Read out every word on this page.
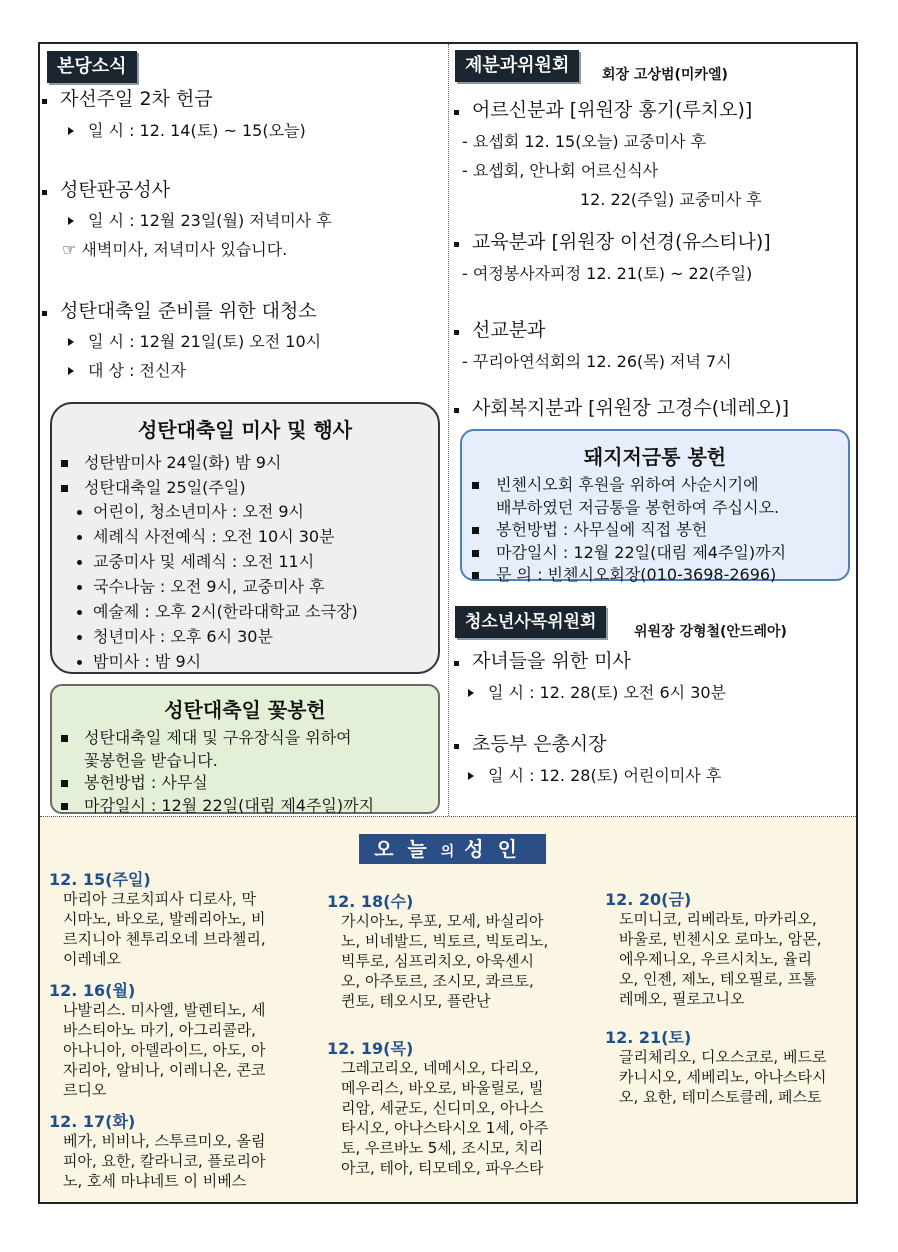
본당소식
자선주일 2차 헌금
일 시 : 12. 14(토) ~ 15(오늘)
성탄판공성사
일 시 : 12월 23일(월) 저녁미사 후
☞ 새벽미사, 저녁미사 있습니다.
성탄대축일 준비를 위한 대청소
일 시 : 12월 21일(토) 오전 10시
대 상 : 전신자
성탄대축일 미사 및 행사
성탄밤미사 24일(화) 밤 9시
성탄대축일 25일(주일)
어린이, 청소년미사 : 오전 9시
세례식 사전예식 : 오전 10시 30분
교중미사 및 세례식 : 오전 11시
국수나눔 : 오전 9시, 교중미사 후
예술제 : 오후 2시(한라대학교 소극장)
청년미사 : 오후 6시 30분
밤미사 : 밤 9시
성탄대축일 꽃봉헌
성탄대축일 제대 및 구유장식을 위하여
꽃봉헌을 받습니다.
봉헌방법 : 사무실
마감일시 : 12월 22일(대림 제4주일)까지
제분과위원회	회장 고상범(미카엘)
어르신분과 [위원장 홍기(루치오)]
- 요셉회 12. 15(오늘) 교중미사 후
- 요셉회, 안나회 어르신식사
12. 22(주일) 교중미사 후
교육분과 [위원장 이선경(유스티나)]
- 여정봉사자피정 12. 21(토) ~ 22(주일)
선교분과
- 꾸리아연석회의 12. 26(목) 저녁 7시
사회복지분과 [위원장 고경수(네레오)]
돼지저금통 봉헌
빈첸시오회 후원을 위하여 사순시기에
배부하였던 저금통을 봉헌하여 주십시오.
봉헌방법 : 사무실에 직접 봉헌
마감일시 : 12월 22일(대림 제4주일)까지
문 의 : 빈첸시오회장(010-3698-2696)
청소년사목위원회	위원장 강형철(안드레아)
자녀들을 위한 미사
일 시 : 12. 28(토) 오전 6시 30분
초등부 은총시장
일 시 : 12. 28(토) 어린이미사 후
오늘의성인
12. 15(주일)
마리아 크로치피사 디로사, 막
시마노, 바오로, 발레리아노, 비
르지니아 첸투리오네 브라첼리,
이레네오
12. 16(월)
나발리스. 미사엘, 발렌티노, 세
바스티아노 마기, 아그리콜라,
아나니아, 아델라이드, 아도, 아
자리아, 알비나, 이레니온, 콘코
르디오
12. 17(화)
베가, 비비나, 스투르미오, 올림
피아, 요한, 칼라니코, 플로리아
노, 호세 마냐네트 이 비베스
12. 18(수)
가시아노, 루포, 모세, 바실리아
노, 비네발드, 빅토르, 빅토리노,
빅투로, 심프리치오, 아욱센시
오, 아주토르, 조시모, 콰르토,
퀸토, 테오시모, 플란난
12. 19(목)
그레고리오, 네메시오, 다리오,
메우리스, 바오로, 바울릴로, 빌
리암, 세균도, 신디미오, 아나스
타시오, 아나스타시오 1세, 아주
토, 우르바노 5세, 조시모, 치리
아코, 테아, 티모테오, 파우스타
12. 20(금)
도미니코, 리베라토, 마카리오,
바울로, 빈첸시오 로마노, 암몬,
에우제니오, 우르시치노, 율리
오, 인젠, 제노, 테오필로, 프톨
레메오, 필로고니오
12. 21(토)
글리체리오, 디오스코로, 베드로
카니시오, 세베리노, 아나스타시
오, 요한, 테미스토클레, 페스토
